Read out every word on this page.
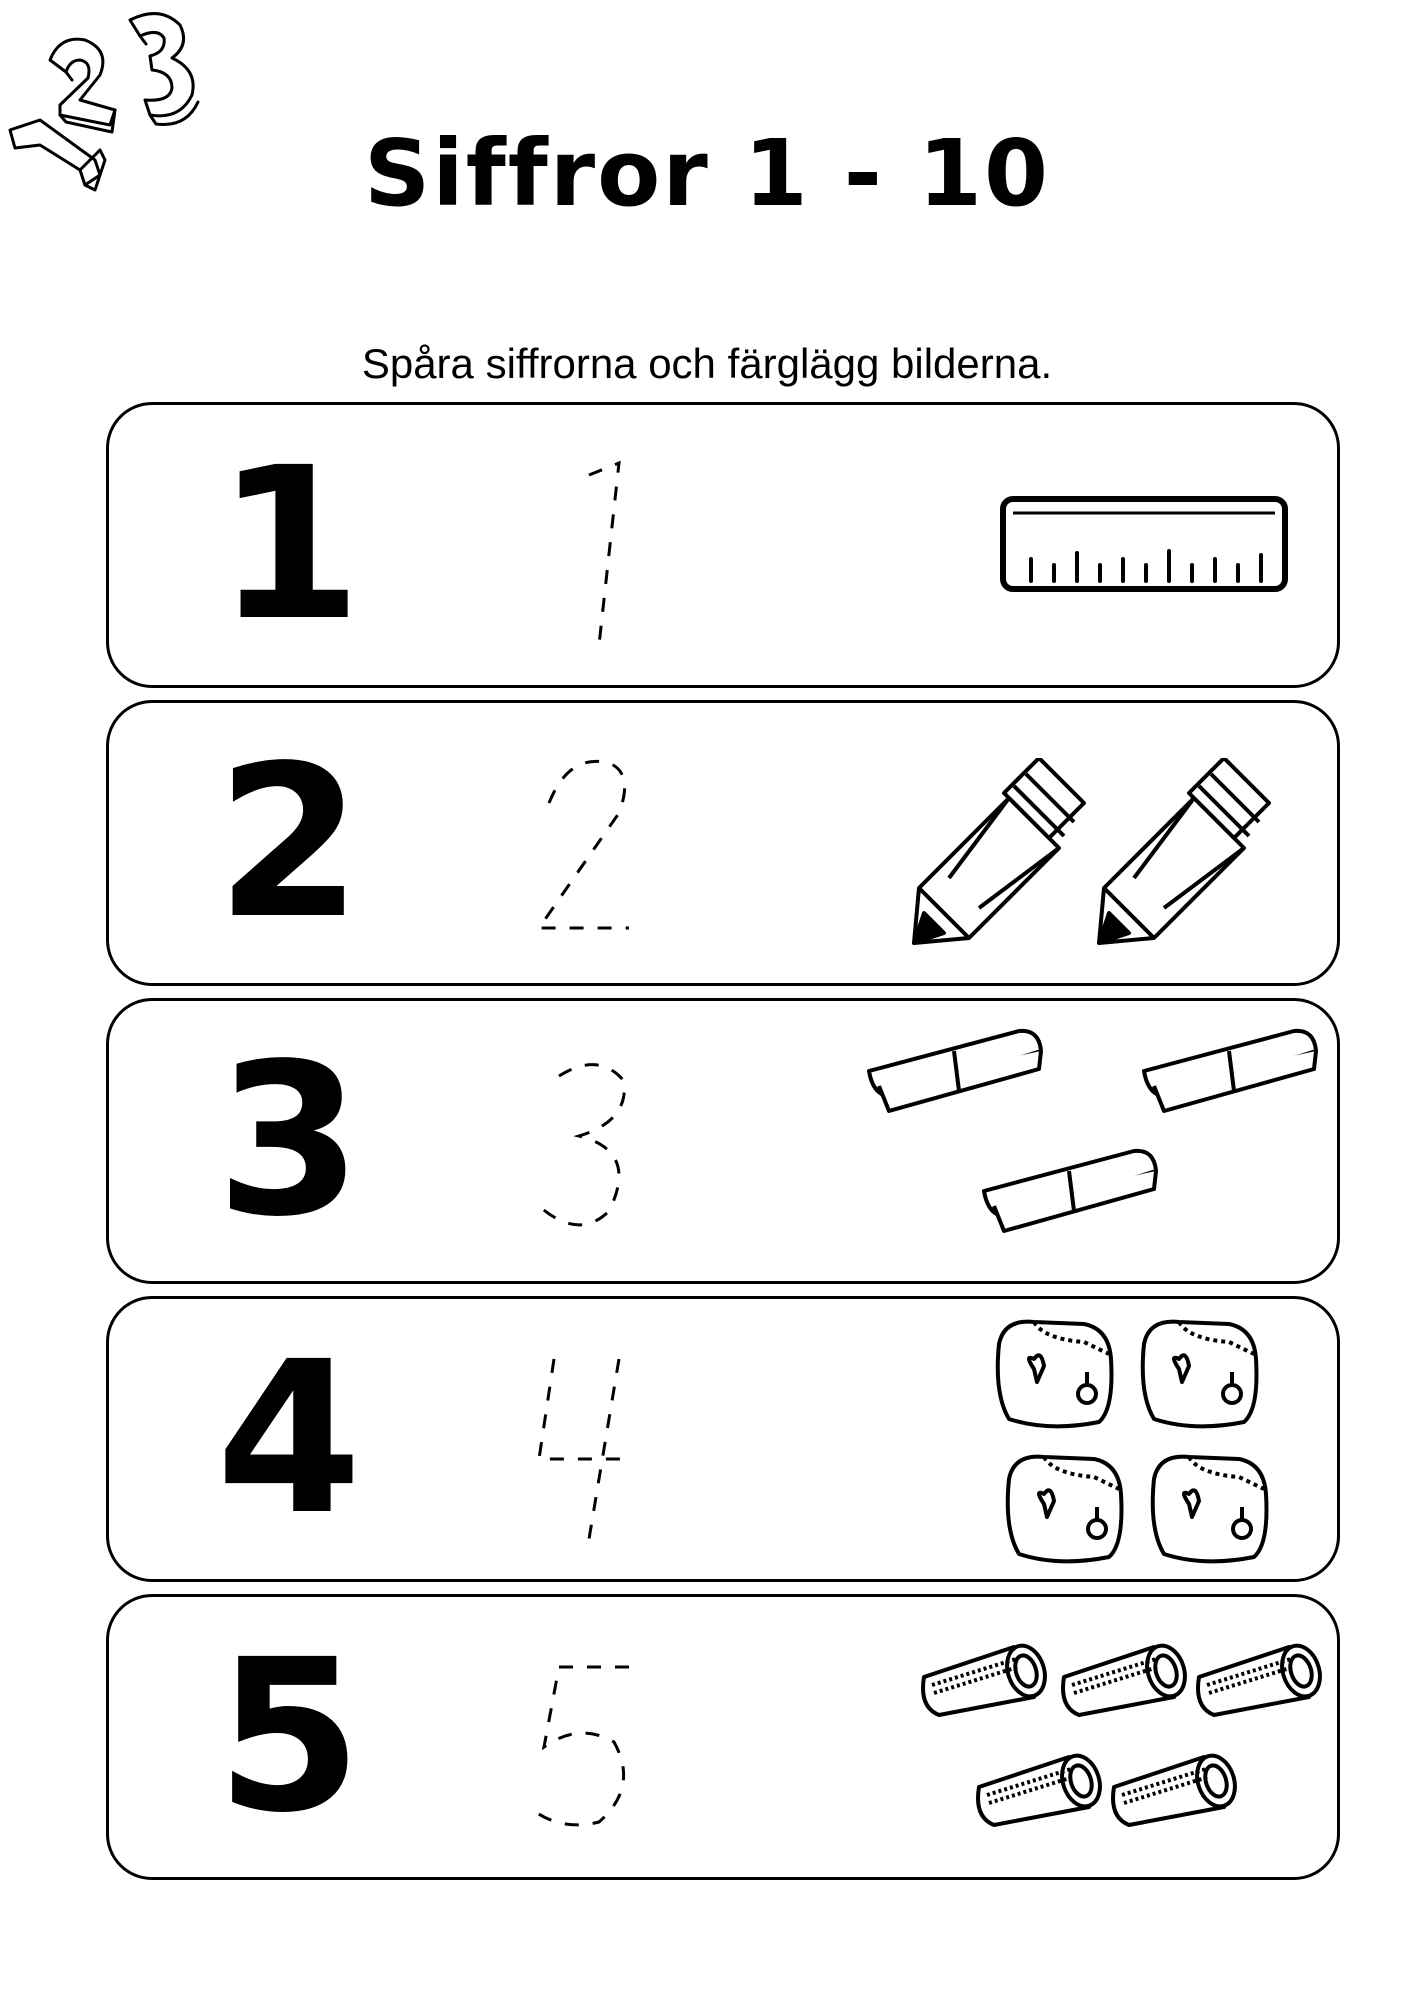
Siffror 1 - 10
Spåra siffrorna och färglägg bilderna.
1
2
3
4
5
